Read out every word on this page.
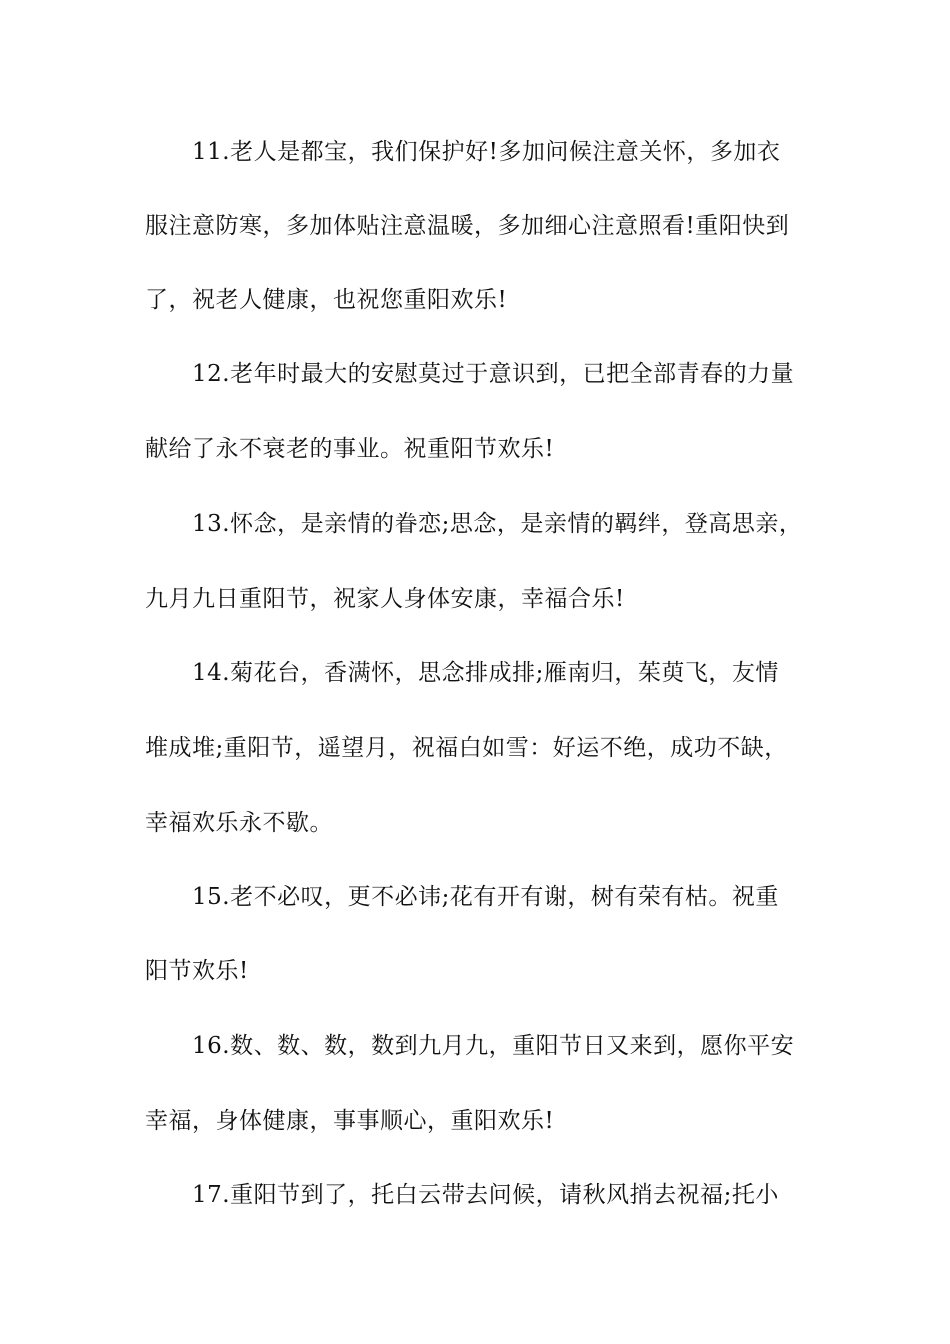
11.老人是都宝，我们保护好!多加问候注意关怀，多加衣
服注意防寒，多加体贴注意温暖，多加细心注意照看!重阳快到
了，祝老人健康，也祝您重阳欢乐!
12.老年时最大的安慰莫过于意识到，已把全部青春的力量
献给了永不衰老的事业。祝重阳节欢乐!
13.怀念，是亲情的眷恋;思念，是亲情的羁绊，登高思亲，
九月九日重阳节，祝家人身体安康，幸福合乐!
14.菊花台，香满怀，思念排成排;雁南归，茱萸飞，友情
堆成堆;重阳节，遥望月，祝福白如雪：好运不绝，成功不缺，
幸福欢乐永不歇。
15.老不必叹，更不必讳;花有开有谢，树有荣有枯。祝重
阳节欢乐!
16.数、数、数，数到九月九，重阳节日又来到，愿你平安
幸福，身体健康，事事顺心，重阳欢乐!
17.重阳节到了，托白云带去问候，请秋风捎去祝福;托小
